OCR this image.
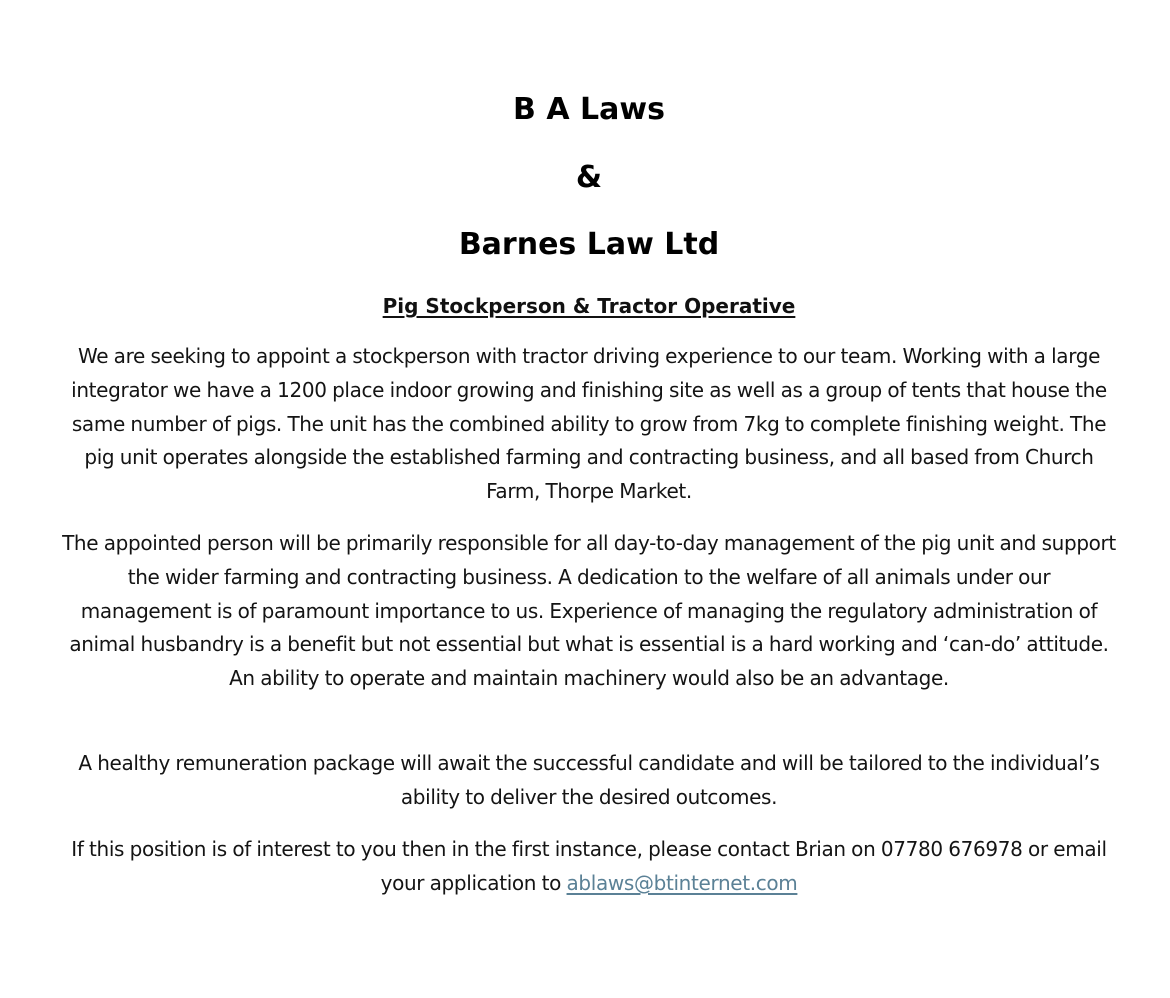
B A Laws
&
Barnes Law Ltd
Pig Stockperson & Tractor Operative

We are seeking to appoint a stockperson with tractor driving experience to our team. Working with a large integrator we have a 1200 place indoor growing and finishing site as well as a group of tents that house the same number of pigs. The unit has the combined ability to grow from 7kg to complete finishing weight. The pig unit operates alongside the established farming and contracting business, and all based from Church Farm, Thorpe Market.

The appointed person will be primarily responsible for all day-to-day management of the pig unit and support the wider farming and contracting business. A dedication to the welfare of all animals under our management is of paramount importance to us. Experience of managing the regulatory administration of animal husbandry is a benefit but not essential but what is essential is a hard working and ‘can-do’ attitude. An ability to operate and maintain machinery would also be an advantage.

A healthy remuneration package will await the successful candidate and will be tailored to the individual’s ability to deliver the desired outcomes.

If this position is of interest to you then in the first instance, please contact Brian on 07780 676978 or email your application to ablaws@btinternet.com
